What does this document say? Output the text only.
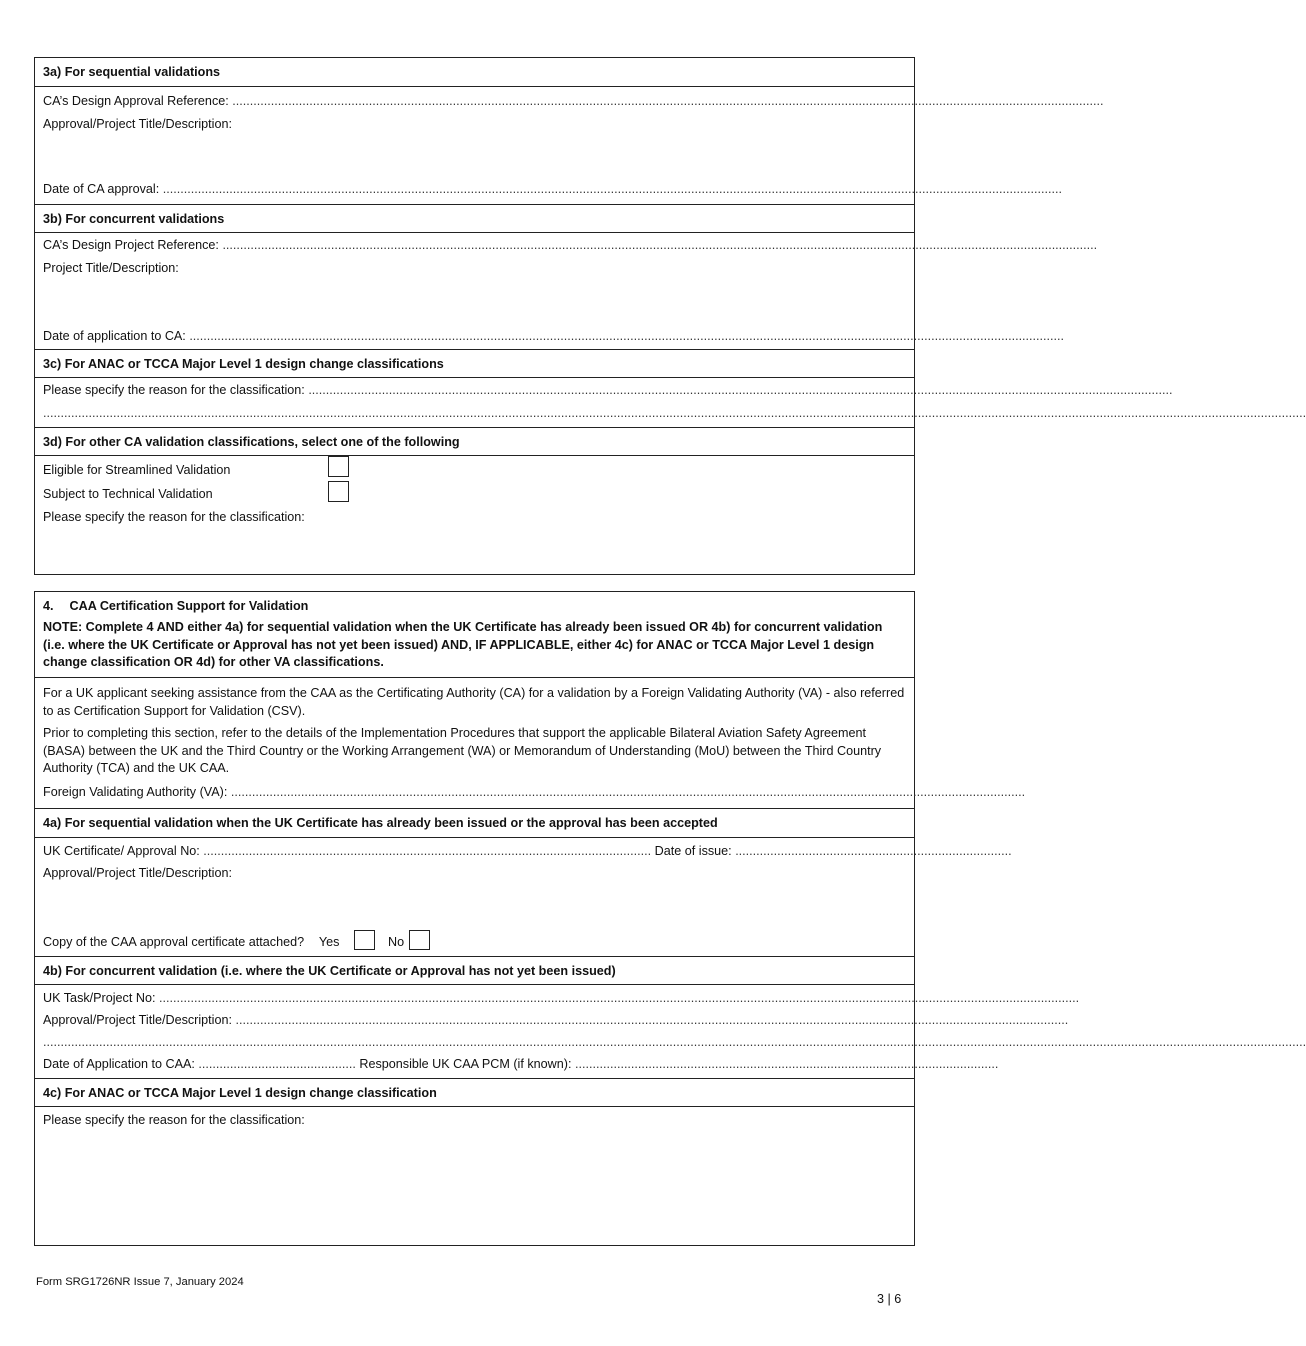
3a) For sequential validations
CA’s Design Approval Reference: .........................................................................................................................................................................................................................................................
Approval/Project Title/Description:
Date of CA approval: .................................................................................................................................................................................................................................................................
3b) For concurrent validations
CA’s Design Project Reference: ..........................................................................................................................................................................................................................................................
Project Title/Description:
Date of application to CA: ..........................................................................................................................................................................................................................................................
3c) For ANAC or TCCA Major Level 1 design change classifications
Please specify the reason for the classification: .......................................................................................................................................................................................................................................................
.........................................................................................................................................................................................................................................................................................................................................................................
3d) For other CA validation classifications, select one of the following
Eligible for Streamlined Validation
Subject to Technical Validation
Please specify the reason for the classification:
4. CAA Certification Support for Validation
NOTE: Complete 4 AND either 4a) for sequential validation when the UK Certificate has already been issued OR 4b) for concurrent validation (i.e. where the UK Certificate or Approval has not yet been issued) AND, IF APPLICABLE, either 4c) for ANAC or TCCA Major Level 1 design change classification OR 4d) for other VA classifications.
For a UK applicant seeking assistance from the CAA as the Certificating Authority (CA) for a validation by a Foreign Validating Authority (VA) - also referred to as Certification Support for Validation (CSV).
Prior to completing this section, refer to the details of the Implementation Procedures that support the applicable Bilateral Aviation Safety Agreement (BASA) between the UK and the Third Country or the Working Arrangement (WA) or Memorandum of Understanding (MoU) between the Third Country Authority (TCA) and the UK CAA.
Foreign Validating Authority (VA): ...................................................................................................................................................................................................................................
4a) For sequential validation when the UK Certificate has already been issued or the approval has been accepted
UK Certificate/ Approval No: ................................................................................................................................ Date of issue: ...............................................................................
Approval/Project Title/Description:
Copy of the CAA approval certificate attached? Yes	No
4b) For concurrent validation (i.e. where the UK Certificate or Approval has not yet been issued)
UK Task/Project No: .......................................................................................................................................................................................................................................................................
Approval/Project Title/Description: ..............................................................................................................................................................................................................................................
.........................................................................................................................................................................................................................................................................................................................................................................
Date of Application to CAA: ............................................. Responsible UK CAA PCM (if known): .........................................................................................................................
4c) For ANAC or TCCA Major Level 1 design change classification
Please specify the reason for the classification:
Form SRG1726NR Issue 7, January 2024
3 | 6
